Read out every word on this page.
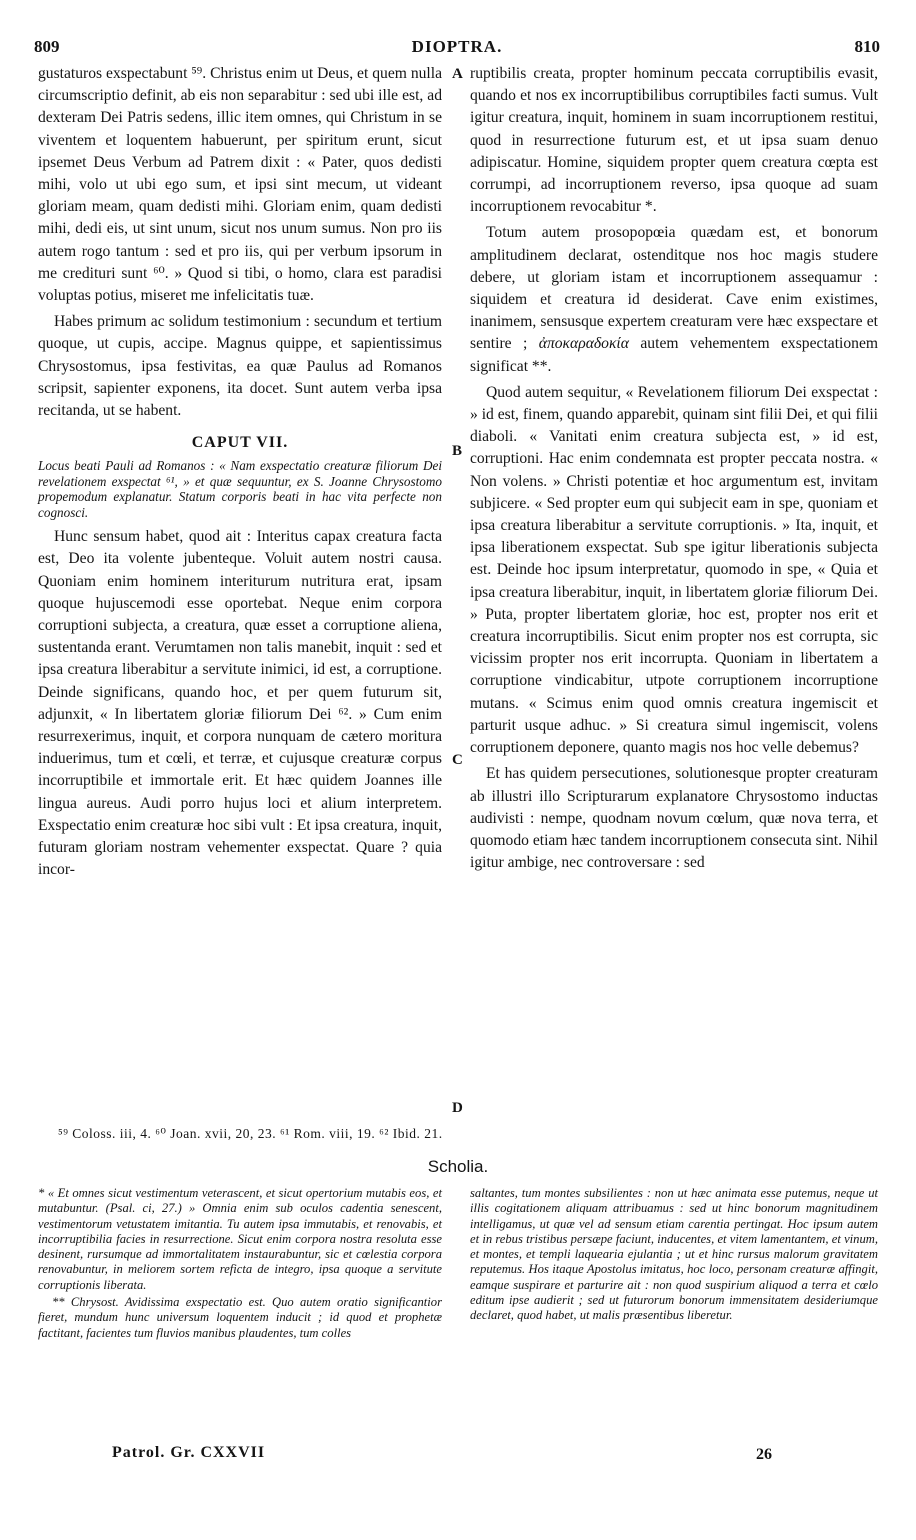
809	DIOPTRA.	810

gustaturos exspectabunt ⁵⁹. Christus enim ut Deus, et quem nulla circumscriptio definit, ab eis non separabitur : sed ubi ille est, ad dexteram Dei Patris sedens, illic item omnes, qui Christum in se viventem et loquentem habuerunt, per spiritum erunt, sicut ipsemet Deus Verbum ad Patrem dixit : « Pater, quos dedisti mihi, volo ut ubi ego sum, et ipsi sint mecum, ut videant gloriam meam, quam dedisti mihi. Gloriam enim, quam dedisti mihi, dedi eis, ut sint unum, sicut nos unum sumus. Non pro iis autem rogo tantum : sed et pro iis, qui per verbum ipsorum in me credituri sunt ⁶⁰. » Quod si tibi, o homo, clara est paradisi voluptas potius, miseret me infelicitatis tuæ.

Habes primum ac solidum testimonium : secundum et tertium quoque, ut cupis, accipe. Magnus quippe, et sapientissimus Chrysostomus, ipsa festivitas, ea quæ Paulus ad Romanos scripsit, sapienter exponens, ita docet. Sunt autem verba ipsa recitanda, ut se habent.

CAPUT VII.
Locus beati Pauli ad Romanos : « Nam exspectatio creaturæ filiorum Dei revelationem exspectat ⁶¹, » et quæ sequuntur, ex S. Joanne Chrysostomo propemodum explanatur. Statum corporis beati in hac vita perfecte non cognosci.

Hunc sensum habet, quod ait : Interitus capax creatura facta est, Deo ita volente jubenteque. Voluit autem nostri causa. Quoniam enim hominem interiturum nutritura erat, ipsam quoque hujuscemodi esse oportebat. Neque enim corpora corruptioni subjecta, a creatura, quæ esset a corruptione aliena, sustentanda erant. Verumtamen non talis manebit, inquit : sed et ipsa creatura liberabitur a servitute inimici, id est, a corruptione. Deinde significans, quando hoc, et per quem futurum sit, adjunxit, « In libertatem gloriæ filiorum Dei ⁶². » Cum enim resurrexerimus, inquit, et corpora nunquam de cætero moritura induerimus, tum et cœli, et terræ, et cujusque creaturæ corpus incorruptibile et immortale erit. Et hæc quidem Joannes ille lingua aureus. Audi porro hujus loci et alium interpretem. Exspectatio enim creaturæ hoc sibi vult : Et ipsa creatura, inquit, futuram gloriam nostram vehementer exspectat. Quare ? quia incor-

A
B
C
D

ruptibilis creata, propter hominum peccata corruptibilis evasit, quando et nos ex incorruptibilibus corruptibiles facti sumus. Vult igitur creatura, inquit, hominem in suam incorruptionem restitui, quod in resurrectione futurum est, et ut ipsa suam denuo adipiscatur. Homine, siquidem propter quem creatura cœpta est corrumpi, ad incorruptionem reverso, ipsa quoque ad suam incorruptionem revocabitur *.

Totum autem prosopopœia quædam est, et bonorum amplitudinem declarat, ostenditque nos hoc magis studere debere, ut gloriam istam et incorruptionem assequamur : siquidem et creatura id desiderat. Cave enim existimes, inanimem, sensusque expertem creaturam vere hæc exspectare et sentire ; ἀποκαραδοκία autem vehementem exspectationem significat **.

Quod autem sequitur, « Revelationem filiorum Dei exspectat : » id est, finem, quando apparebit, quinam sint filii Dei, et qui filii diaboli. « Vanitati enim creatura subjecta est, » id est, corruptioni. Hac enim condemnata est propter peccata nostra. « Non volens. » Christi potentiæ et hoc argumentum est, invitam subjicere. « Sed propter eum qui subjecit eam in spe, quoniam et ipsa creatura liberabitur a servitute corruptionis. » Ita, inquit, et ipsa liberationem exspectat. Sub spe igitur liberationis subjecta est. Deinde hoc ipsum interpretatur, quomodo in spe, « Quia et ipsa creatura liberabitur, inquit, in libertatem gloriæ filiorum Dei. » Puta, propter libertatem gloriæ, hoc est, propter nos erit et creatura incorruptibilis. Sicut enim propter nos est corrupta, sic vicissim propter nos erit incorrupta. Quoniam in libertatem a corruptione vindicabitur, utpote corruptionem incorruptione mutans. « Scimus enim quod omnis creatura ingemiscit et parturit usque adhuc. » Si creatura simul ingemiscit, volens corruptionem deponere, quanto magis nos hoc velle debemus?

Et has quidem persecutiones, solutionesque propter creaturam ab illustri illo Scripturarum explanatore Chrysostomo inductas audivisti : nempe, quodnam novum cœlum, quæ nova terra, et quomodo etiam hæc tandem incorruptionem consecuta sint. Nihil igitur ambige, nec controversare : sed

⁵⁹ Coloss. iii, 4. ⁶⁰ Joan. xvii, 20, 23. ⁶¹ Rom. viii, 19. ⁶² Ibid. 21.
Scholia.

* « Et omnes sicut vestimentum veterascent, et sicut opertorium mutabis eos, et mutabuntur. (Psal. ci, 27.) » Omnia enim sub oculos cadentia senescent, vestimentorum vetustatem imitantia. Tu autem ipsa immutabis, et renovabis, et incorruptibilia facies in resurrectione. Sicut enim corpora nostra resoluta esse desinent, rursumque ad immortalitatem instaurabuntur, sic et cœlestia corpora renovabuntur, in meliorem sortem reficta de integro, ipsa quoque a servitute corruptionis liberata.

** Chrysost. Avidissima exspectatio est. Quo autem oratio significantior fieret, mundum hunc universum loquentem inducit ; id quod et prophetæ factitant, facientes tum fluvios manibus plaudentes, tum colles

saltantes, tum montes subsilientes : non ut hæc animata esse putemus, neque ut illis cogitationem aliquam attribuamus : sed ut hinc bonorum magnitudinem intelligamus, ut quæ vel ad sensum etiam carentia pertingat. Hoc ipsum autem et in rebus tristibus persæpe faciunt, inducentes, et vitem lamentantem, et vinum, et montes, et templi laquearia ejulantia ; ut et hinc rursus malorum gravitatem reputemus. Hos itaque Apostolus imitatus, hoc loco, personam creaturæ affingit, eamque suspirare et parturire ait : non quod suspirium aliquod a terra et cœlo editum ipse audierit ; sed ut futurorum bonorum immensitatem desideriumque declaret, quod habet, ut malis præsentibus liberetur.

Patrol. Gr. CXXVII	26
